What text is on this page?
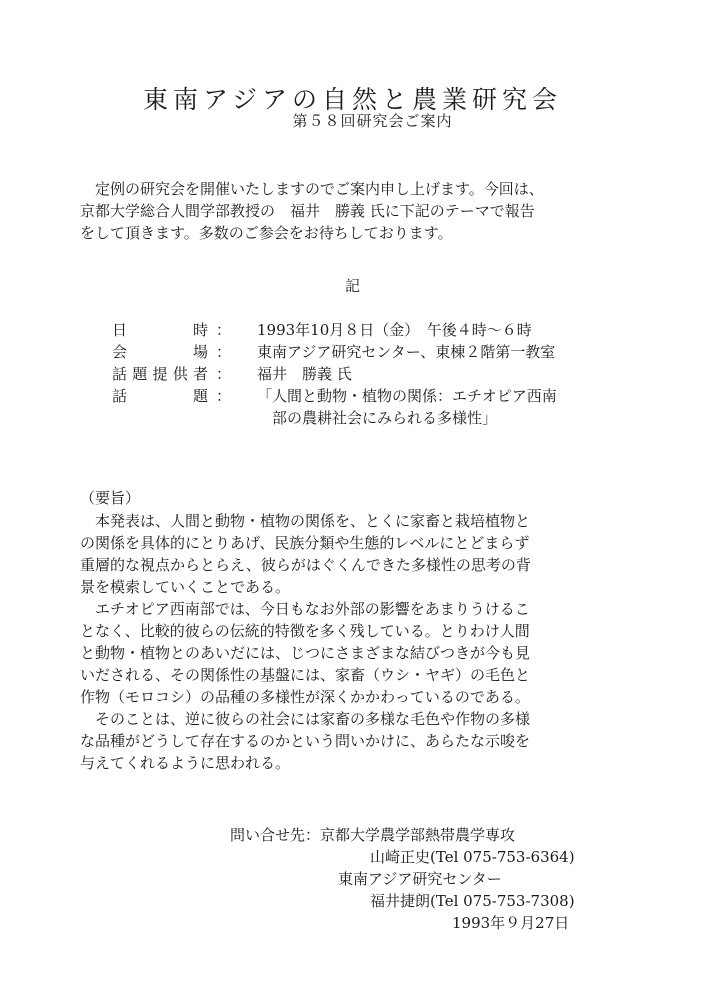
東南アジアの自然と農業研究会
第５８回研究会ご案内
　定例の研究会を開催いたしますのでご案内申し上げます。今回は、
京都大学総合人間学部教授の　福井　勝義 氏に下記のテーマで報告
をして頂きます。多数のご参会をお待ちしております。
記
日　時 ： 1993年10月８日（金）　午後４時～６時
会　場 ： 東南アジア研究センター、東棟２階第一教室
話題提供者 ： 福井　勝義 氏
話　題 ： 「人間と動物・植物の関係：エチオピア西南
　部の農耕社会にみられる多様性」
（要旨）
　本発表は、人間と動物・植物の関係を、とくに家畜と栽培植物と
の関係を具体的にとりあげ、民族分類や生態的レベルにとどまらず
重層的な視点からとらえ、彼らがはぐくんできた多様性の思考の背
景を模索していくことである。
　エチオピア西南部では、今日もなお外部の影響をあまりうけるこ
となく、比較的彼らの伝統的特徴を多く残している。とりわけ人間
と動物・植物とのあいだには、じつにさまざまな結びつきが今も見
いだされる、その関係性の基盤には、家畜（ウシ・ヤギ）の毛色と
作物（モロコシ）の品種の多様性が深くかかわっているのである。
　そのことは、逆に彼らの社会には家畜の多様な毛色や作物の多様
な品種がどうして存在するのかという問いかけに、あらたな示唆を
与えてくれるように思われる。
問い合せ先：京都大学農学部熱帯農学専攻
山崎正史(Tel 075-753-6364)
東南アジア研究センター
福井捷朗(Tel 075-753-7308)
1993年９月27日
